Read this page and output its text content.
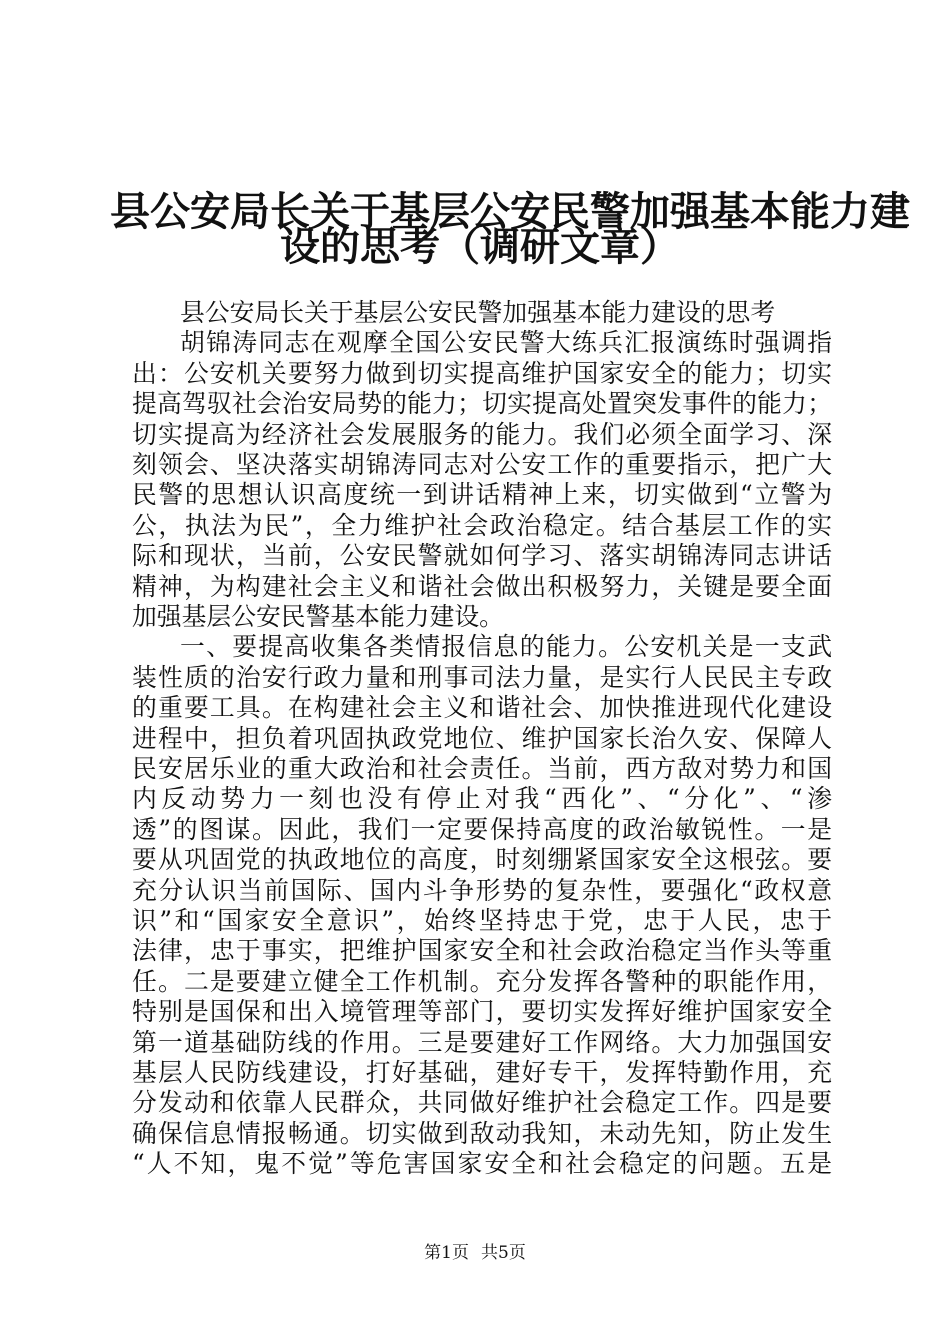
县公安局长关于基层公安民警加强基本能力建
设的思考（调研文章）
县公安局长关于基层公安民警加强基本能力建设的思考
胡锦涛同志在观摩全国公安民警大练兵汇报演练时强调指
出：公安机关要努力做到切实提高维护国家安全的能力；切实
提高驾驭社会治安局势的能力；切实提高处置突发事件的能力；
切实提高为经济社会发展服务的能力。我们必须全面学习、深
刻领会、坚决落实胡锦涛同志对公安工作的重要指示，把广大
民警的思想认识高度统一到讲话精神上来，切实做到“立警为
公，执法为民”，全力维护社会政治稳定。结合基层工作的实
际和现状，当前，公安民警就如何学习、落实胡锦涛同志讲话
精神，为构建社会主义和谐社会做出积极努力，关键是要全面
加强基层公安民警基本能力建设。
一、要提高收集各类情报信息的能力。公安机关是一支武
装性质的治安行政力量和刑事司法力量，是实行人民民主专政
的重要工具。在构建社会主义和谐社会、加快推进现代化建设
进程中，担负着巩固执政党地位、维护国家长治久安、保障人
民安居乐业的重大政治和社会责任。当前，西方敌对势力和国
内反动势力一刻也没有停止对我“西化”、“分化”、“渗
透”的图谋。因此，我们一定要保持高度的政治敏锐性。一是
要从巩固党的执政地位的高度，时刻绷紧国家安全这根弦。要
充分认识当前国际、国内斗争形势的复杂性，要强化“政权意
识”和“国家安全意识”，始终坚持忠于党，忠于人民，忠于
法律，忠于事实，把维护国家安全和社会政治稳定当作头等重
任。二是要建立健全工作机制。充分发挥各警种的职能作用，
特别是国保和出入境管理等部门，要切实发挥好维护国家安全
第一道基础防线的作用。三是要建好工作网络。大力加强国安
基层人民防线建设，打好基础，建好专干，发挥特勤作用，充
分发动和依靠人民群众，共同做好维护社会稳定工作。四是要
确保信息情报畅通。切实做到敌动我知，未动先知，防止发生
“人不知，鬼不觉”等危害国家安全和社会稳定的问题。五是
第1页 共5页
